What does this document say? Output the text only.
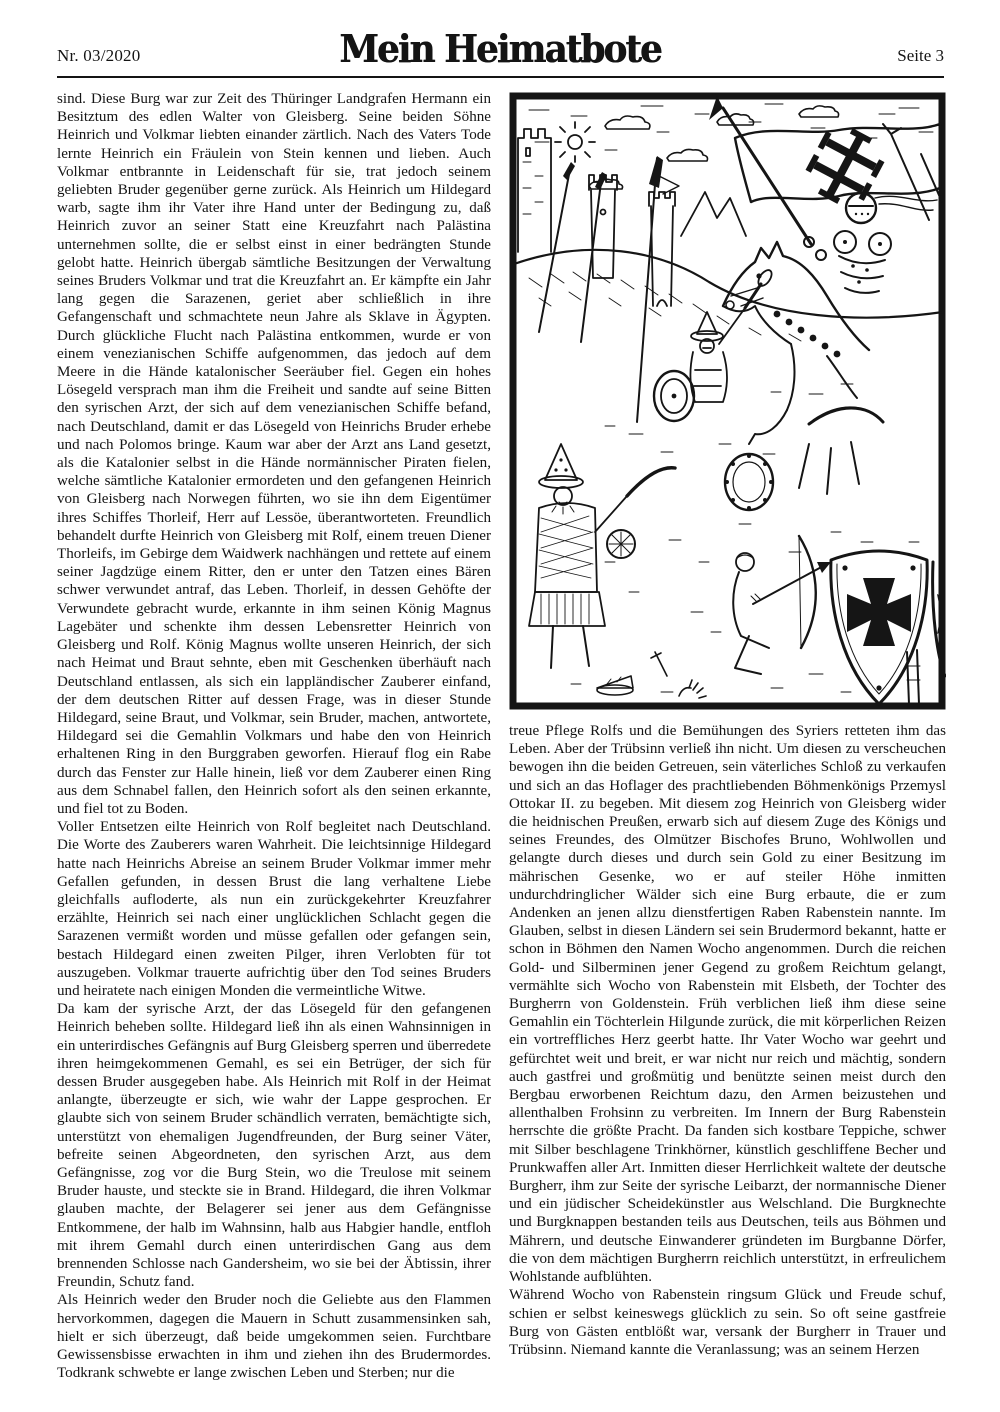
Nr. 03/2020	Mein Heimatbote	Seite 3

sind. Diese Burg war zur Zeit des Thüringer Landgrafen Hermann ein Besitztum des edlen Walter von Gleisberg. Seine beiden Söhne Heinrich und Volkmar liebten einander zärtlich. Nach des Vaters Tode lernte Heinrich ein Fräulein von Stein kennen und lieben. Auch Volkmar entbrannte in Leidenschaft für sie, trat jedoch seinem geliebten Bruder gegenüber gerne zurück. Als Heinrich um Hildegard warb, sagte ihm ihr Vater ihre Hand unter der Bedingung zu, daß Heinrich zuvor an seiner Statt eine Kreuzfahrt nach Palästina unternehmen sollte, die er selbst einst in einer bedrängten Stunde gelobt hatte. Heinrich übergab sämtliche Besitzungen der Verwaltung seines Bruders Volkmar und trat die Kreuzfahrt an. Er kämpfte ein Jahr lang gegen die Sarazenen, geriet aber schließlich in ihre Gefangenschaft und schmachtete neun Jahre als Sklave in Ägypten. Durch glückliche Flucht nach Palästina entkommen, wurde er von einem venezianischen Schiffe aufgenommen, das jedoch auf dem Meere in die Hände katalonischer Seeräuber fiel. Gegen ein hohes Lösegeld versprach man ihm die Freiheit und sandte auf seine Bitten den syrischen Arzt, der sich auf dem venezianischen Schiffe befand, nach Deutschland, damit er das Lösegeld von Heinrichs Bruder erhebe und nach Polomos bringe. Kaum war aber der Arzt ans Land gesetzt, als die Katalonier selbst in die Hände normännischer Piraten fielen, welche sämtliche Katalonier ermordeten und den gefangenen Heinrich von Gleisberg nach Norwegen führten, wo sie ihn dem Eigentümer ihres Schiffes Thorleif, Herr auf Lessöe, überantworteten. Freundlich behandelt durfte Heinrich von Gleisberg mit Rolf, einem treuen Diener Thorleifs, im Gebirge dem Waidwerk nachhängen und rettete auf einem seiner Jagdzüge einem Ritter, den er unter den Tatzen eines Bären schwer verwundet antraf, das Leben. Thorleif, in dessen Gehöfte der Verwundete gebracht wurde, erkannte in ihm seinen König Magnus Lagebäter und schenkte ihm dessen Lebensretter Heinrich von Gleisberg und Rolf. König Magnus wollte unseren Heinrich, der sich nach Heimat und Braut sehnte, eben mit Geschenken überhäuft nach Deutschland entlassen, als sich ein lappländischer Zauberer einfand, der dem deutschen Ritter auf dessen Frage, was in dieser Stunde Hildegard, seine Braut, und Volkmar, sein Bruder, machen, antwortete, Hildegard sei die Gemahlin Volkmars und habe den von Heinrich erhaltenen Ring in den Burggraben geworfen. Hierauf flog ein Rabe durch das Fenster zur Halle hinein, ließ vor dem Zauberer einen Ring aus dem Schnabel fallen, den Heinrich sofort als den seinen erkannte, und fiel tot zu Boden.

Voller Entsetzen eilte Heinrich von Rolf begleitet nach Deutschland. Die Worte des Zauberers waren Wahrheit. Die leichtsinnige Hildegard hatte nach Heinrichs Abreise an seinem Bruder Volkmar immer mehr Gefallen gefunden, in dessen Brust die lang verhaltene Liebe gleichfalls aufloderte, als nun ein zurückgekehrter Kreuzfahrer erzählte, Heinrich sei nach einer unglücklichen Schlacht gegen die Sarazenen vermißt worden und müsse gefallen oder gefangen sein, bestach Hildegard einen zweiten Pilger, ihren Verlobten für tot auszugeben. Volkmar trauerte aufrichtig über den Tod seines Bruders und heiratete nach einigen Monden die vermeintliche Witwe.

Da kam der syrische Arzt, der das Lösegeld für den gefangenen Heinrich beheben sollte. Hildegard ließ ihn als einen Wahnsinnigen in ein unterirdisches Gefängnis auf Burg Gleisberg sperren und überredete ihren heimgekommenen Gemahl, es sei ein Betrüger, der sich für dessen Bruder ausgegeben habe. Als Heinrich mit Rolf in der Heimat anlangte, überzeugte er sich, wie wahr der Lappe gesprochen. Er glaubte sich von seinem Bruder schändlich verraten, bemächtigte sich, unterstützt von ehemaligen Jugendfreunden, der Burg seiner Väter, befreite seinen Abgeordneten, den syrischen Arzt, aus dem Gefängnisse, zog vor die Burg Stein, wo die Treulose mit seinem Bruder hauste, und steckte sie in Brand. Hildegard, die ihren Volkmar glauben machte, der Belagerer sei jener aus dem Gefängnisse Entkommene, der halb im Wahnsinn, halb aus Habgier handle, entfloh mit ihrem Gemahl durch einen unterirdischen Gang aus dem brennenden Schlosse nach Gandersheim, wo sie bei der Äbtissin, ihrer Freundin, Schutz fand.

Als Heinrich weder den Bruder noch die Geliebte aus den Flammen hervorkommen, dagegen die Mauern in Schutt zusammensinken sah, hielt er sich überzeugt, daß beide umgekommen seien. Furchtbare Gewissensbisse erwachten in ihm und ziehen ihn des Brudermordes. Todkrank schwebte er lange zwischen Leben und Sterben; nur die

treue Pflege Rolfs und die Bemühungen des Syriers retteten ihm das Leben. Aber der Trübsinn verließ ihn nicht. Um diesen zu verscheuchen bewogen ihn die beiden Getreuen, sein väterliches Schloß zu verkaufen und sich an das Hoflager des prachtliebenden Böhmenkönigs Przemysl Ottokar II. zu begeben. Mit diesem zog Heinrich von Gleisberg wider die heidnischen Preußen, erwarb sich auf diesem Zuge des Königs und seines Freundes, des Olmützer Bischofes Bruno, Wohlwollen und gelangte durch dieses und durch sein Gold zu einer Besitzung im mährischen Gesenke, wo er auf steiler Höhe inmitten undurchdringlicher Wälder sich eine Burg erbaute, die er zum Andenken an jenen allzu dienstfertigen Raben Rabenstein nannte. Im Glauben, selbst in diesen Ländern sei sein Brudermord bekannt, hatte er schon in Böhmen den Namen Wocho angenommen. Durch die reichen Gold- und Silberminen jener Gegend zu großem Reichtum gelangt, vermählte sich Wocho von Rabenstein mit Elsbeth, der Tochter des Burgherrn von Goldenstein. Früh verblichen ließ ihm diese seine Gemahlin ein Töchterlein Hilgunde zurück, die mit körperlichen Reizen ein vortreffliches Herz geerbt hatte. Ihr Vater Wocho war geehrt und gefürchtet weit und breit, er war nicht nur reich und mächtig, sondern auch gastfrei und großmütig und benützte seinen meist durch den Bergbau erworbenen Reichtum dazu, den Armen beizustehen und allenthalben Frohsinn zu verbreiten. Im Innern der Burg Rabenstein herrschte die größte Pracht. Da fanden sich kostbare Teppiche, schwer mit Silber beschlagene Trinkhörner, künstlich geschliffene Becher und Prunkwaffen aller Art. Inmitten dieser Herrlichkeit waltete der deutsche Burgherr, ihm zur Seite der syrische Leibarzt, der normannische Diener und ein jüdischer Scheidekünstler aus Welschland. Die Burgknechte und Burgknappen bestanden teils aus Deutschen, teils aus Böhmen und Mährern, und deutsche Einwanderer gründeten im Burgbanne Dörfer, die von dem mächtigen Burgherrn reichlich unterstützt, in erfreulichem Wohlstande aufblühten.

Während Wocho von Rabenstein ringsum Glück und Freude schuf, schien er selbst keineswegs glücklich zu sein. So oft seine gastfreie Burg von Gästen entblößt war, versank der Burgherr in Trauer und Trübsinn. Niemand kannte die Veranlassung; was an seinem Herzen
